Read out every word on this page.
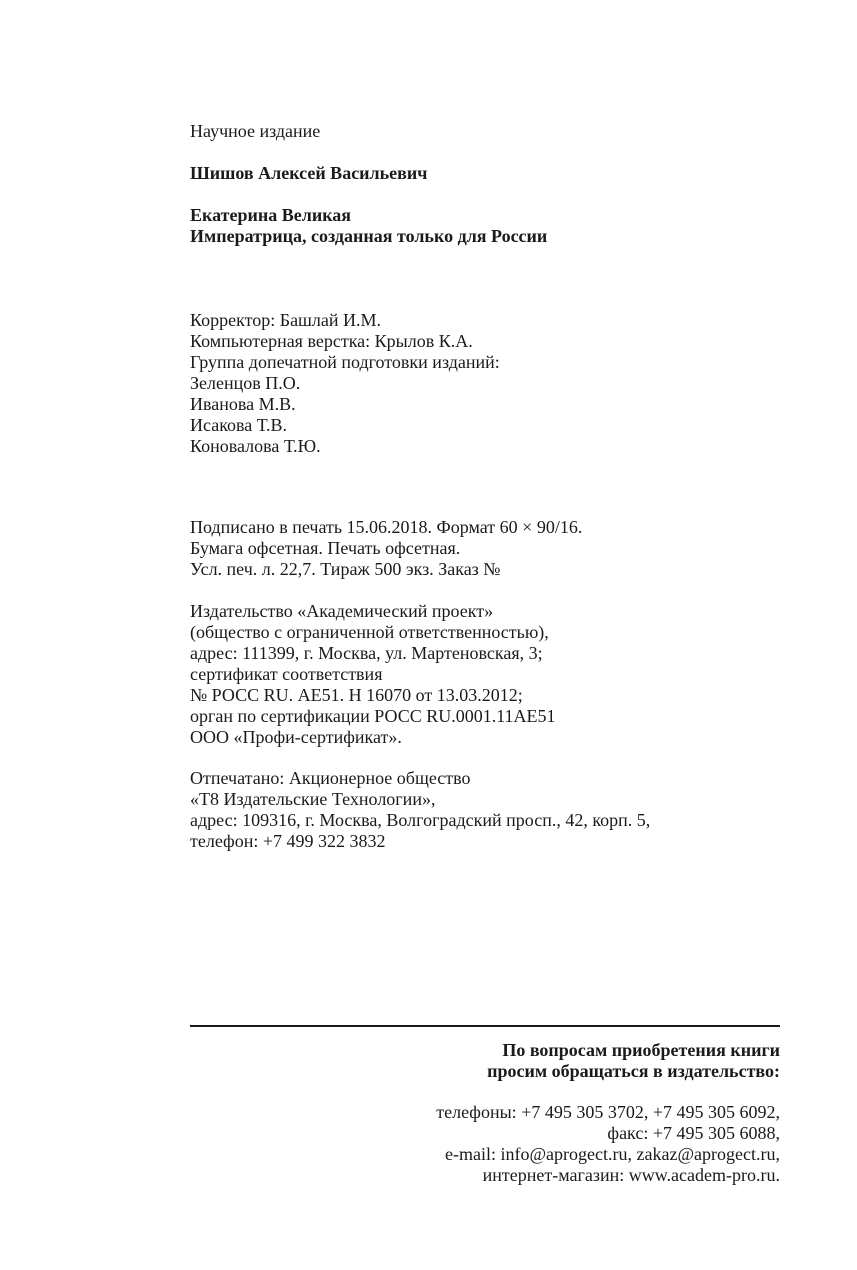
Научное издание
Шишов Алексей Васильевич
Екатерина Великая
Императрица, созданная только для России
Корректор: Башлай И.М.
Компьютерная верстка: Крылов К.А.
Группа допечатной подготовки изданий:
Зеленцов П.О.
Иванова М.В.
Исакова Т.В.
Коновалова Т.Ю.
Подписано в печать 15.06.2018. Формат 60 × 90/16.
Бумага офсетная. Печать офсетная.
Усл. печ. л. 22,7. Тираж 500 экз. Заказ №
Издательство «Академический проект»
(общество с ограниченной ответственностью),
адрес: 111399, г. Москва, ул. Мартеновская, 3;
сертификат соответствия
№ РОСС RU. АЕ51. Н 16070 от 13.03.2012;
орган по сертификации РОСС RU.0001.11АЕ51
ООО «Профи-сертификат».
Отпечатано: Акционерное общество
«Т8 Издательские Технологии»,
адрес: 109316, г. Москва, Волгоградский просп., 42, корп. 5,
телефон: +7 499 322 3832
По вопросам приобретения книги
просим обращаться в издательство:
телефоны: +7 495 305 3702, +7 495 305 6092,
факс: +7 495 305 6088,
e-mail: info@aprogect.ru, zakaz@aprogect.ru,
интернет-магазин: www.academ-pro.ru.
